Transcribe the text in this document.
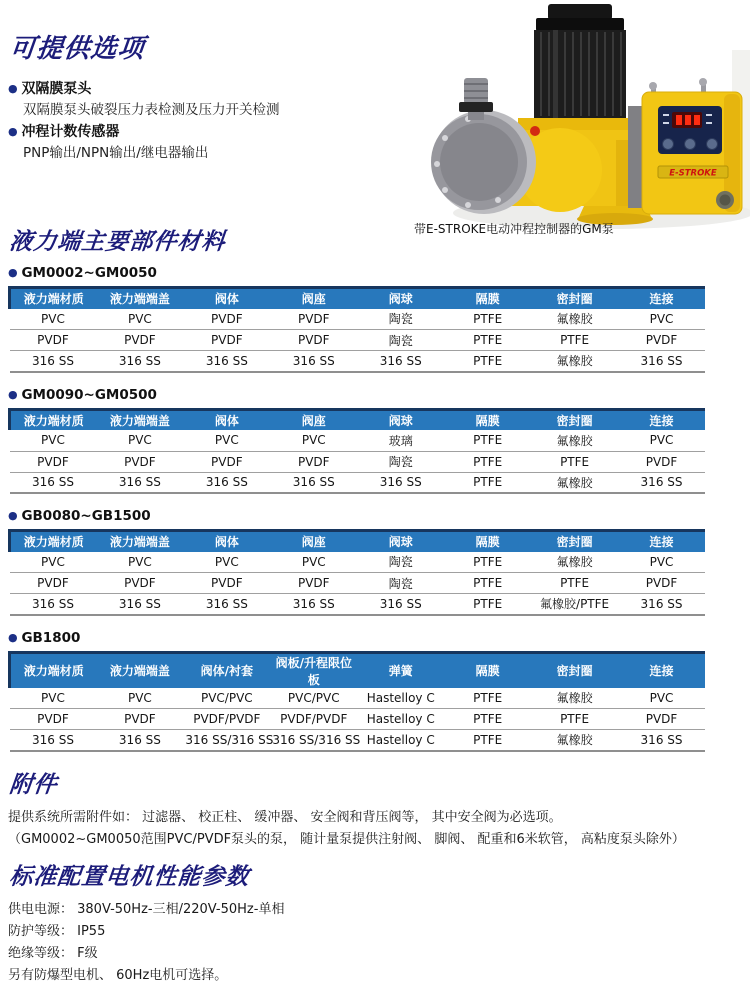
可提供选项
● 双隔膜泵头
双隔膜泵头破裂压力表检测及压力开关检测
● 冲程计数传感器
PNP输出/NPN输出/继电器输出
E-STROKE
带E-STROKE电动冲程控制器的GM泵
液力端主要部件材料
● GM0002~GM0050
液力端材质	液力端端盖	阀体	阀座	阀球	隔膜	密封圈	连接
PVC	PVC	PVDF	PVDF	陶瓷	PTFE	氟橡胶	PVC
PVDF	PVDF	PVDF	PVDF	陶瓷	PTFE	PTFE	PVDF
316 SS	316 SS	316 SS	316 SS	316 SS	PTFE	氟橡胶	316 SS
● GM0090~GM0500
液力端材质	液力端端盖	阀体	阀座	阀球	隔膜	密封圈	连接
PVC	PVC	PVC	PVC	玻璃	PTFE	氟橡胶	PVC
PVDF	PVDF	PVDF	PVDF	陶瓷	PTFE	PTFE	PVDF
316 SS	316 SS	316 SS	316 SS	316 SS	PTFE	氟橡胶	316 SS
● GB0080~GB1500
液力端材质	液力端端盖	阀体	阀座	阀球	隔膜	密封圈	连接
PVC	PVC	PVC	PVC	陶瓷	PTFE	氟橡胶	PVC
PVDF	PVDF	PVDF	PVDF	陶瓷	PTFE	PTFE	PVDF
316 SS	316 SS	316 SS	316 SS	316 SS	PTFE	氟橡胶/PTFE	316 SS
● GB1800
液力端材质	液力端端盖	阀体/衬套	阀板/升程限位板	弹簧	隔膜	密封圈	连接
PVC	PVC	PVC/PVC	PVC/PVC	Hastelloy C	PTFE	氟橡胶	PVC
PVDF	PVDF	PVDF/PVDF	PVDF/PVDF	Hastelloy C	PTFE	PTFE	PVDF
316 SS	316 SS	316 SS/316 SS	316 SS/316 SS	Hastelloy C	PTFE	氟橡胶	316 SS
附件
提供系统所需附件如： 过滤器、 校正柱、 缓冲器、 安全阀和背压阀等， 其中安全阀为必选项。
（GM0002~GM0050范围PVC/PVDF泵头的泵， 随计量泵提供注射阀、 脚阀、 配重和6米软管， 高粘度泵头除外）
标准配置电机性能参数
供电电源： 380V-50Hz-三相/220V-50Hz-单相
防护等级： IP55
绝缘等级： F级
另有防爆型电机、 60Hz电机可选择。
